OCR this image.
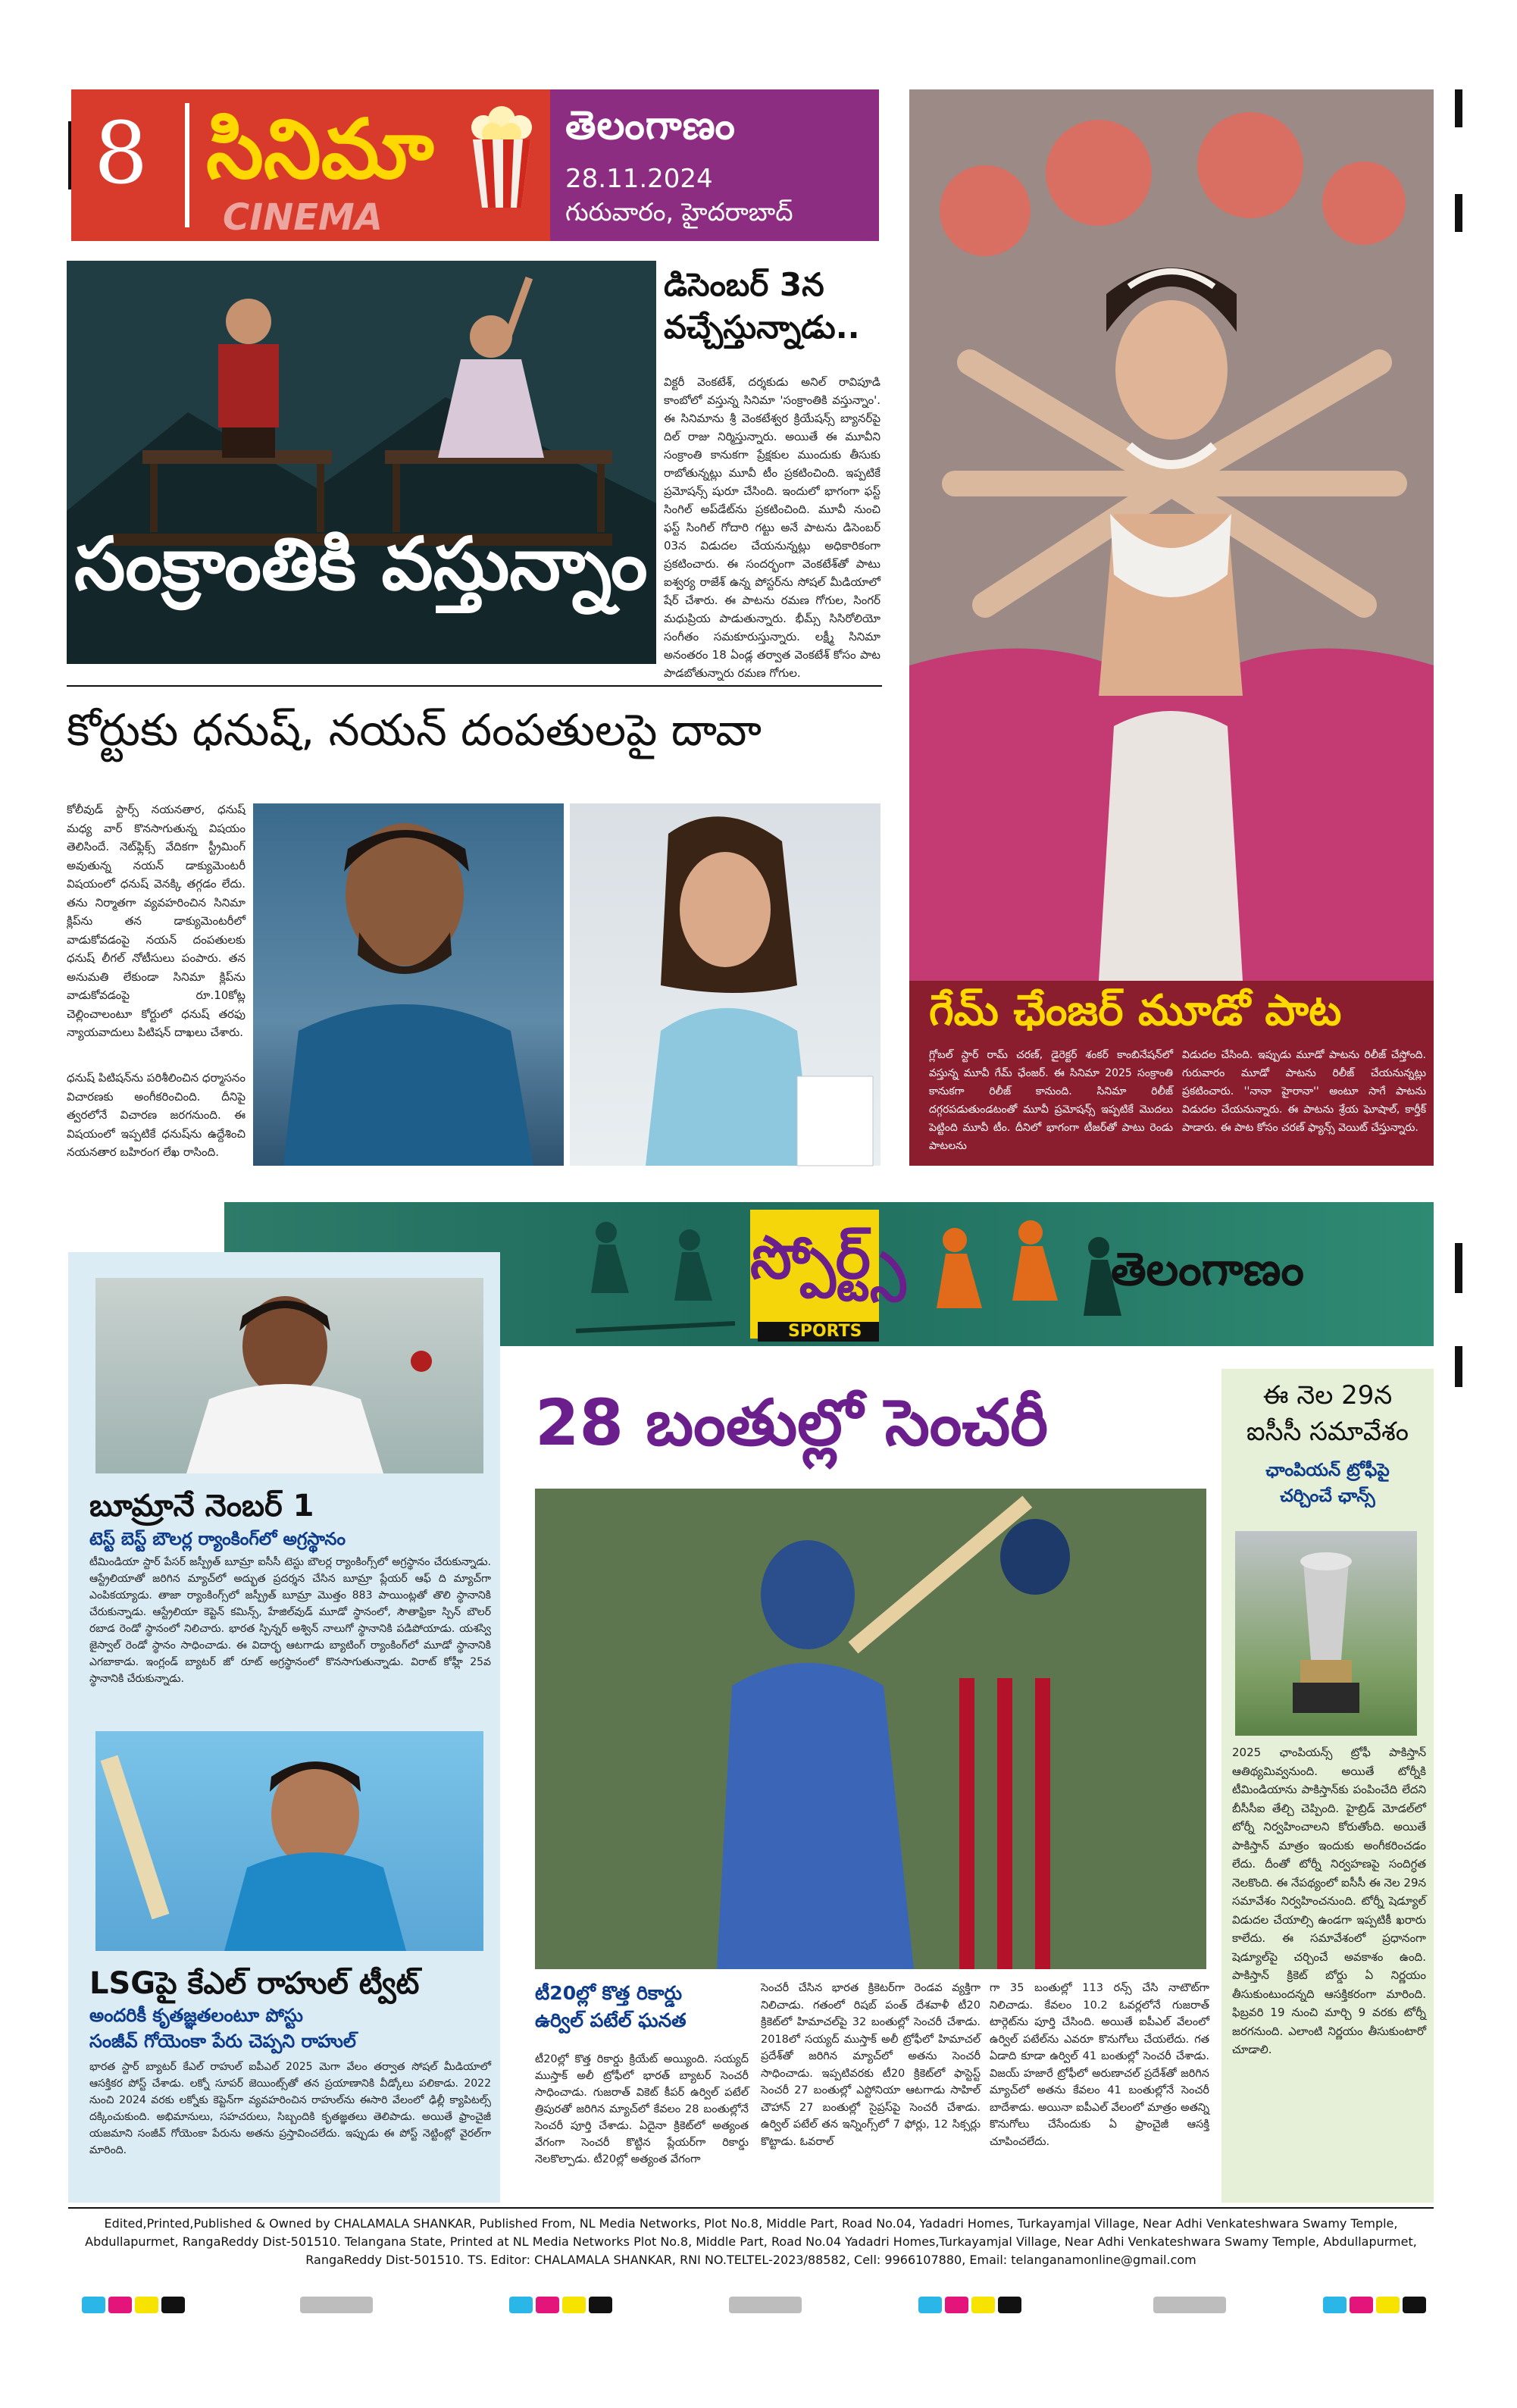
8 సినిమా
CINEMA
తెలంగాణం
28.11.2024
గురువారం, హైదరాబాద్
సంక్రాంతికి వస్తున్నాం
డిసెంబర్ 3న
వచ్చేస్తున్నాడు..
విక్టరీ వెంకటేశ్, దర్శకుడు అనిల్ రావిపూడి కాంబోలో వస్తున్న సినిమా 'సంక్రాంతికి వస్తున్నాం'. ఈ సినిమాను శ్రీ వెంకటేశ్వర క్రియేషన్స్ బ్యానర్‌పై దిల్ రాజు నిర్మిస్తున్నారు. అయితే ఈ మూవీని సంక్రాంతి కానుకగా ప్రేక్షకుల ముందుకు తీసుకు రాబోతున్నట్లు మూవీ టీం ప్రకటించింది. ఇప్పటికే ప్రమోషన్స్ షురూ చేసింది. ఇందులో భాగంగా ఫస్ట్ సింగిల్ అప్‌డేట్‌ను ప్రకటించింది. మూవీ నుంచి ఫస్ట్ సింగిల్ గోదారి గట్టు అనే పాటను డిసెంబర్ 03న విడుదల చేయనున్నట్లు అధికారికంగా ప్రకటించారు. ఈ సందర్భంగా వెంకటేశ్‌తో పాటు ఐశ్వర్య రాజేశ్ ఉన్న పోస్టర్‌ను సోషల్ మీడియాలో షేర్ చేశారు. ఈ పాటను రమణ గోగుల, సింగర్ మధుప్రియ పాడుతున్నారు. భీమ్స్ సిసిరోలియో సంగీతం సమకూరుస్తున్నారు. లక్ష్మీ సినిమా అనంతరం 18 ఏండ్ల తర్వాత వెంకటేశ్ కోసం పాట పాడబోతున్నారు రమణ గోగుల.
కోర్టుకు ధనుష్, నయన్ దంపతులపై దావా
కోలీవుడ్ స్టార్స్ నయనతార, ధనుష్ మధ్య వార్ కొనసాగుతున్న విషయం తెలిసిందే. నెట్‌ఫ్లిక్స్ వేదికగా స్ట్రీమింగ్ అవుతున్న నయన్ డాక్యుమెంటరీ విషయంలో ధనుష్ వెనక్కి తగ్గడం లేదు. తను నిర్మాతగా వ్యవహరించిన సినిమా క్లిప్‌ను తన డాక్యుమెంటరీలో వాడుకోవడంపై నయన్ దంపతులకు ధనుష్ లీగల్ నోటీసులు పంపారు. తన అనుమతి లేకుండా సినిమా క్లిప్‌ను వాడుకోవడంపై రూ.10కోట్ల చెల్లించాలంటూ కోర్టులో ధనుష్ తరఫు న్యాయవాదులు పిటిషన్ దాఖలు చేశారు.
ధనుష్ పిటిషన్‌ను పరిశీలించిన ధర్మాసనం విచారణకు అంగీకరించింది. దీనిపై త్వరలోనే విచారణ జరగనుంది. ఈ విషయంలో ఇప్పటికే ధనుష్‌ను ఉద్దేశించి నయనతార బహిరంగ లేఖ రాసింది.
గేమ్ ఛేంజర్ మూడో పాట
గ్లోబల్ స్టార్ రామ్ చరణ్, డైరెక్టర్ శంకర్ కాంబినేషన్‌లో వస్తున్న మూవీ గేమ్ ఛేంజర్. ఈ సినిమా 2025 సంక్రాంతి కానుకగా రిలీజ్ కానుంది. సినిమా రిలీజ్ దగ్గరపడుతుండటంతో మూవీ ప్రమోషన్స్ ఇప్పటికే మొదలు పెట్టింది మూవీ టీం. దీనిలో భాగంగా టీజర్‌తో పాటు రెండు పాటలను
విడుదల చేసింది. ఇప్పుడు మూడో పాటను రిలీజ్ చేస్తోంది. గురువారం మూడో పాటను రిలీజ్ చేయనున్నట్లు ప్రకటించారు. ''నానా హైరానా'' అంటూ సాగే పాటను విడుదల చేయనున్నారు. ఈ పాటను శ్రేయ ఘోషాల్, కార్తీక్ పాడారు. ఈ పాట కోసం చరణ్ ఫ్యాన్స్ వెయిట్ చేస్తున్నారు.
స్పోర్ట్స్
SPORTS
తెలంగాణం
బూమ్రానే నెంబర్ 1
టెస్ట్ బెస్ట్ బౌలర్ల ర్యాంకింగ్‌లో అగ్రస్థానం
టీమిండియా స్టార్ పేసర్ జస్ప్రీత్ బూమ్రా ఐసీసీ టెస్టు బౌలర్ల ర్యాంకింగ్స్‌లో అగ్రస్థానం చేరుకున్నాడు. ఆస్ట్రేలియాతో జరిగిన మ్యాచ్‌లో అద్భుత ప్రదర్శన చేసిన బూమ్రా ప్లేయర్ ఆఫ్ ది మ్యాచ్‌గా ఎంపికయ్యాడు. తాజా ర్యాంకింగ్స్‌లో జస్ప్రీత్ బూమ్రా మొత్తం 883 పాయింట్లతో తొలి స్థానానికి చేరుకున్నాడు. ఆస్ట్రేలియా కెప్టెన్ కమిన్స్, హేజిల్‌వుడ్ మూడో స్థానంలో, సౌతాఫ్రికా స్పిన్ బౌలర్ రబాడ రెండో స్థానంలో నిలిచారు. భారత స్పిన్నర్ అశ్విన్ నాలుగో స్థానానికి పడిపోయాడు. యశస్వి జైస్వాల్ రెండో స్థానం సాధించాడు. ఈ విదార్భ ఆటగాడు బ్యాటింగ్ ర్యాంకింగ్‌లో మూడో స్థానానికి ఎగబాకాడు. ఇంగ్లండ్ బ్యాటర్ జో రూట్ అగ్రస్థానంలో కొనసాగుతున్నాడు. విరాట్ కోహ్లీ 25వ స్థానానికి చేరుకున్నాడు.
LSGపై కేఎల్ రాహుల్ ట్వీట్
అందరికీ కృతజ్ఞతలంటూ పోస్టు
సంజీవ్ గోయెంకా పేరు చెప్పని రాహుల్
భారత స్టార్ బ్యాటర్ కేఎల్ రాహుల్ ఐపీఎల్ 2025 మెగా వేలం తర్వాత సోషల్ మీడియాలో ఆసక్తికర పోస్ట్ చేశాడు. లక్నో సూపర్ జెయింట్స్‌తో తన ప్రయాణానికి వీడ్కోలు పలికాడు. 2022 నుంచి 2024 వరకు లక్నోకు కెప్టెన్‌గా వ్యవహరించిన రాహుల్‌ను ఈసారి వేలంలో ఢిల్లీ క్యాపిటల్స్ దక్కించుకుంది. అభిమానులు, సహచరులు, సిబ్బందికి కృతజ్ఞతలు తెలిపాడు. అయితే ఫ్రాంచైజీ యజమాని సంజీవ్ గోయెంకా పేరును అతను ప్రస్తావించలేదు. ఇప్పుడు ఈ పోస్ట్ నెట్టింట్లో వైరల్‌గా మారింది.
28 బంతుల్లో సెంచరీ
టీ20ల్లో కొత్త రికార్డు
ఉర్విల్ పటేల్ ఘనత
టీ20ల్లో కొత్త రికార్డు క్రియేట్ అయ్యింది. సయ్యద్ ముస్తాక్ అలీ ట్రోఫీలో భారత్ బ్యాటర్ సెంచరీ సాధించాడు. గుజరాత్ వికెట్ కీపర్ ఉర్విల్ పటేల్ త్రిపురతో జరిగిన మ్యాచ్‌లో కేవలం 28 బంతుల్లోనే సెంచరీ పూర్తి చేశాడు. ఏదైనా క్రికెట్‌లో అత్యంత వేగంగా సెంచరీ కొట్టిన ప్లేయర్‌గా రికార్డు నెలకొల్పాడు. టీ20ల్లో అత్యంత వేగంగా
సెంచరీ చేసిన భారత క్రికెటర్‌గా రెండవ వ్యక్తిగా నిలిచాడు. గతంలో రిషబ్ పంత్ దేశవాళీ టీ20 క్రికెట్‌లో హిమాచల్‌పై 32 బంతుల్లో సెంచరీ చేశాడు. 2018లో సయ్యద్ ముస్తాక్ అలీ ట్రోఫీలో హిమాచల్ ప్రదేశ్‌తో జరిగిన మ్యాచ్‌లో అతను సెంచరీ సాధించాడు. ఇప్పటివరకు టీ20 క్రికెట్‌లో ఫాస్టెస్ట్ సెంచరీ 27 బంతుల్లో ఎస్టోనియా ఆటగాడు సాహిల్ చౌహాన్ 27 బంతుల్లో సైప్రస్‌పై సెంచరీ చేశాడు. ఉర్విల్ పటేల్ తన ఇన్నింగ్స్‌లో 7 ఫోర్లు, 12 సిక్సర్లు కొట్టాడు. ఓవరాల్
గా 35 బంతుల్లో 113 రన్స్ చేసి నాటౌట్‌గా నిలిచాడు. కేవలం 10.2 ఓవర్లలోనే గుజరాత్ టార్గెట్‌ను పూర్తి చేసింది. అయితే ఐపీఎల్ వేలంలో ఉర్విల్ పటేల్‌ను ఎవరూ కొనుగోలు చేయలేదు. గత ఏడాది కూడా ఉర్విల్ 41 బంతుల్లో సెంచరీ చేశాడు. విజయ్ హజారే ట్రోఫీలో అరుణాచల్ ప్రదేశ్‌తో జరిగిన మ్యాచ్‌లో అతను కేవలం 41 బంతుల్లోనే సెంచరీ బాదేశాడు. అయినా ఐపీఎల్ వేలంలో మాత్రం అతన్ని కొనుగోలు చేసేందుకు ఏ ఫ్రాంచైజీ ఆసక్తి చూపించలేదు.
ఈ నెల 29న
ఐసీసీ సమావేశం
ఛాంపియన్ ట్రోఫీపై
చర్చించే ఛాన్స్
2025 ఛాంపియన్స్ ట్రోఫీ పాకిస్తాన్ ఆతిథ్యమివ్వనుంది. అయితే టోర్నీకి టీమిండియాను పాకిస్తాన్‌కు పంపించేది లేదని బీసీసీఐ తేల్చి చెప్పింది. హైబ్రిడ్ మోడల్‌లో టోర్నీ నిర్వహించాలని కోరుతోంది. అయితే పాకిస్తాన్ మాత్రం ఇందుకు అంగీకరించడం లేదు. దీంతో టోర్నీ నిర్వహణపై సందిగ్ధత నెలకొంది. ఈ నేపథ్యంలో ఐసీసీ ఈ నెల 29న సమావేశం నిర్వహించనుంది. టోర్నీ షెడ్యూల్ విడుదల చేయాల్సి ఉండగా ఇప్పటికీ ఖరారు కాలేదు. ఈ సమావేశంలో ప్రధానంగా షెడ్యూల్‌పై చర్చించే అవకాశం ఉంది. పాకిస్తాన్ క్రికెట్ బోర్డు ఏ నిర్ణయం తీసుకుంటుందన్నది ఆసక్తికరంగా మారింది. ఫిబ్రవరి 19 నుంచి మార్చి 9 వరకు టోర్నీ జరగనుంది. ఎలాంటి నిర్ణయం తీసుకుంటారో చూడాలి.
Edited,Printed,Published & Owned by CHALAMALA SHANKAR, Published From, NL Media Networks, Plot No.8, Middle Part, Road No.04, Yadadri Homes, Turkayamjal Village, Near Adhi Venkateshwara Swamy Temple,
Abdullapurmet, RangaReddy Dist-501510. Telangana State, Printed at NL Media Networks Plot No.8, Middle Part, Road No.04 Yadadri Homes,Turkayamjal Village, Near Adhi Venkateshwara Swamy Temple, Abdullapurmet,
RangaReddy Dist-501510. TS. Editor: CHALAMALA SHANKAR, RNI NO.TELTEL-2023/88582, Cell: 9966107880, Email: telanganamonline@gmail.com
